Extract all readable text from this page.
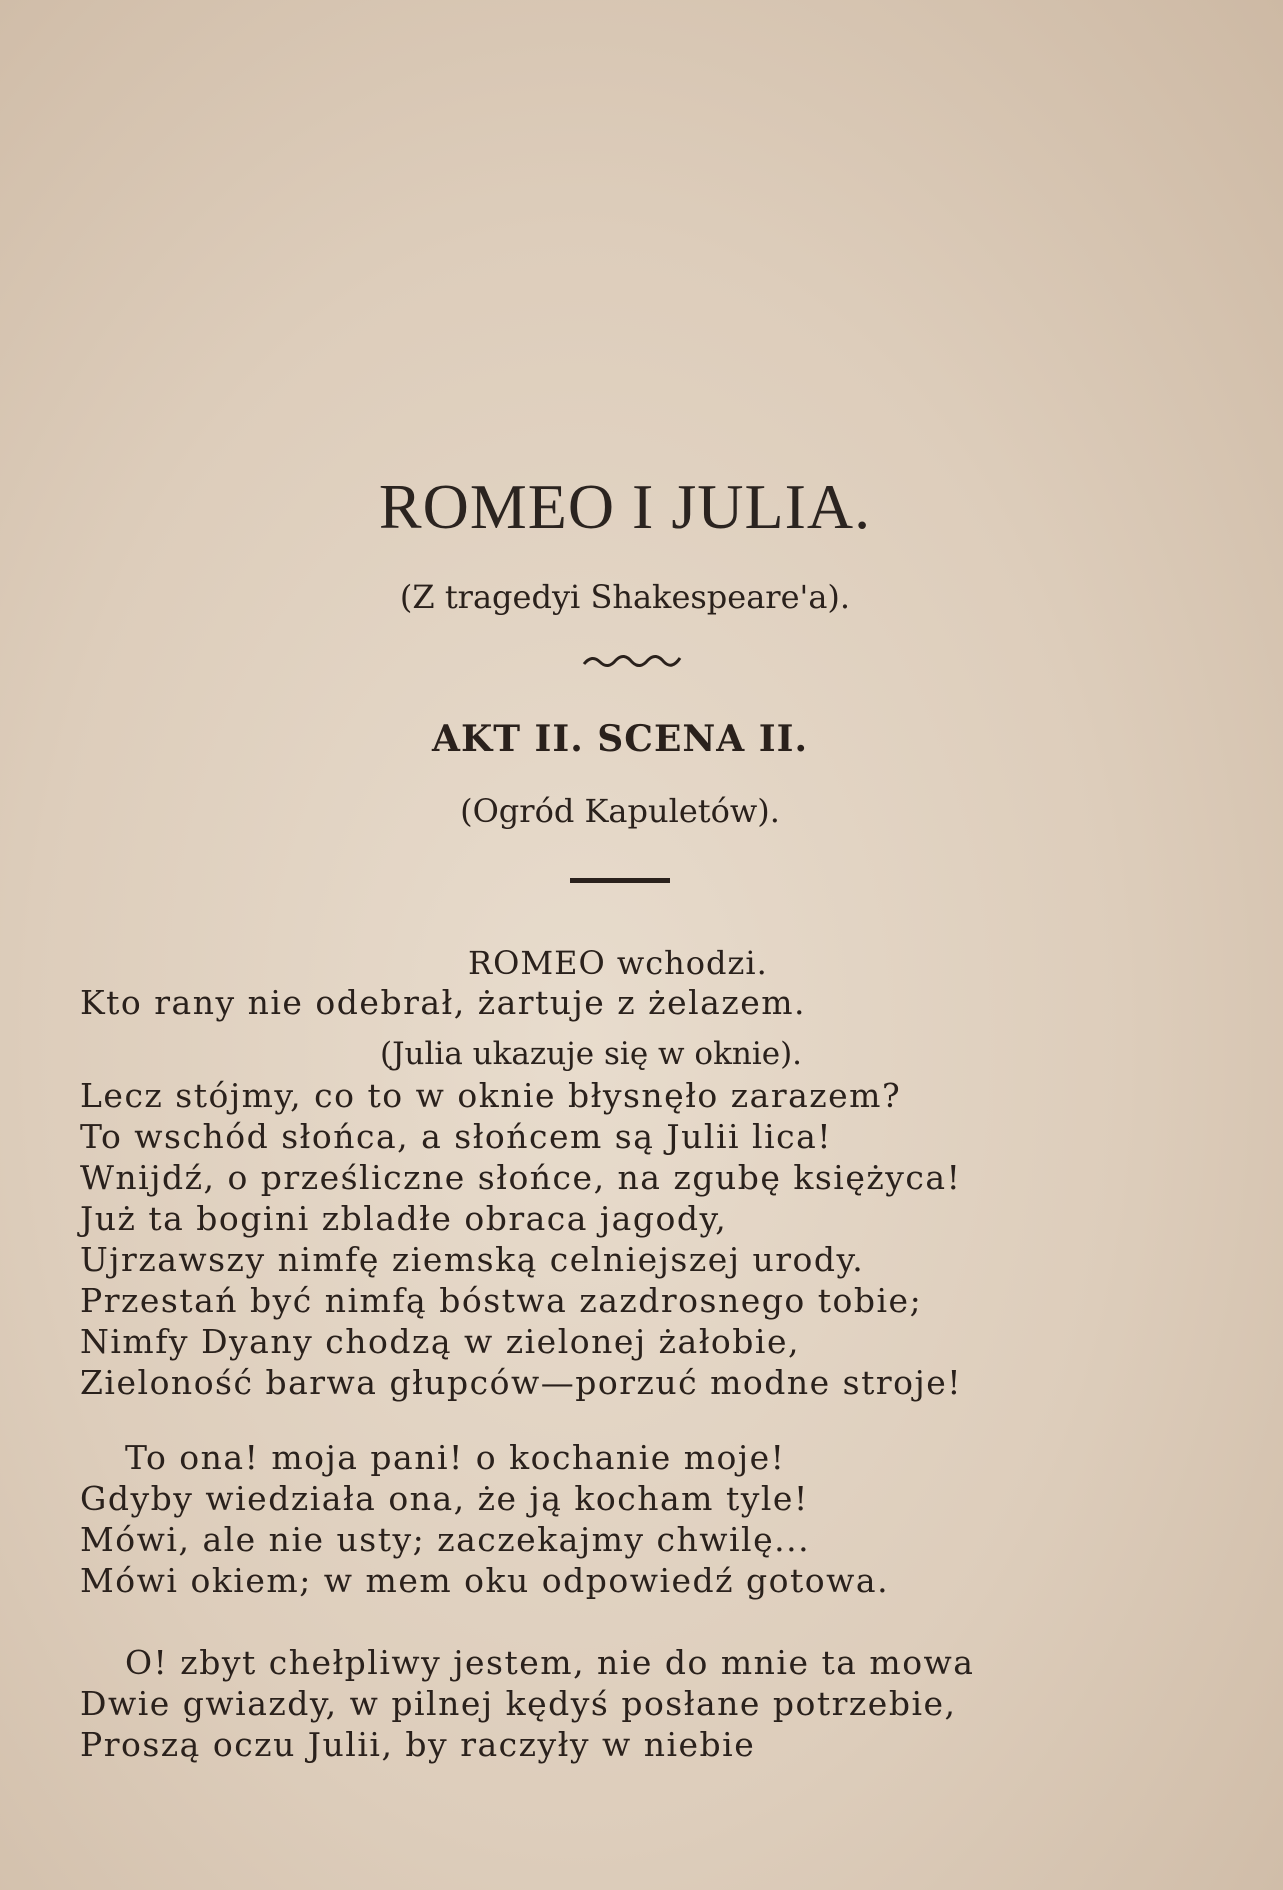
ROMEO I JULIA.
(Z tragedyi Shakespeare'a).
AKT II. SCENA II.
(Ogród Kapuletów).
ROMEO wchodzi.
Kto rany nie odebrał, żartuje z żelazem.
(Julia ukazuje się w oknie).
Lecz stójmy, co to w oknie błysnęło zarazem?
To wschód słońca, a słońcem są Julii lica!
Wnijdź, o prześliczne słońce, na zgubę księżyca!
Już ta bogini zbladłe obraca jagody,
Ujrzawszy nimfę ziemską celniejszej urody.
Przestań być nimfą bóstwa zazdrosnego tobie;
Nimfy Dyany chodzą w zielonej żałobie,
Zieloność barwa głupców—porzuć modne stroje!
To ona! moja pani! o kochanie moje!
Gdyby wiedziała ona, że ją kocham tyle!
Mówi, ale nie usty; zaczekajmy chwilę...
Mówi okiem; w mem oku odpowiedź gotowa.
O! zbyt chełpliwy jestem, nie do mnie ta mowa
Dwie gwiazdy, w pilnej kędyś posłane potrzebie,
Proszą oczu Julii, by raczyły w niebie
